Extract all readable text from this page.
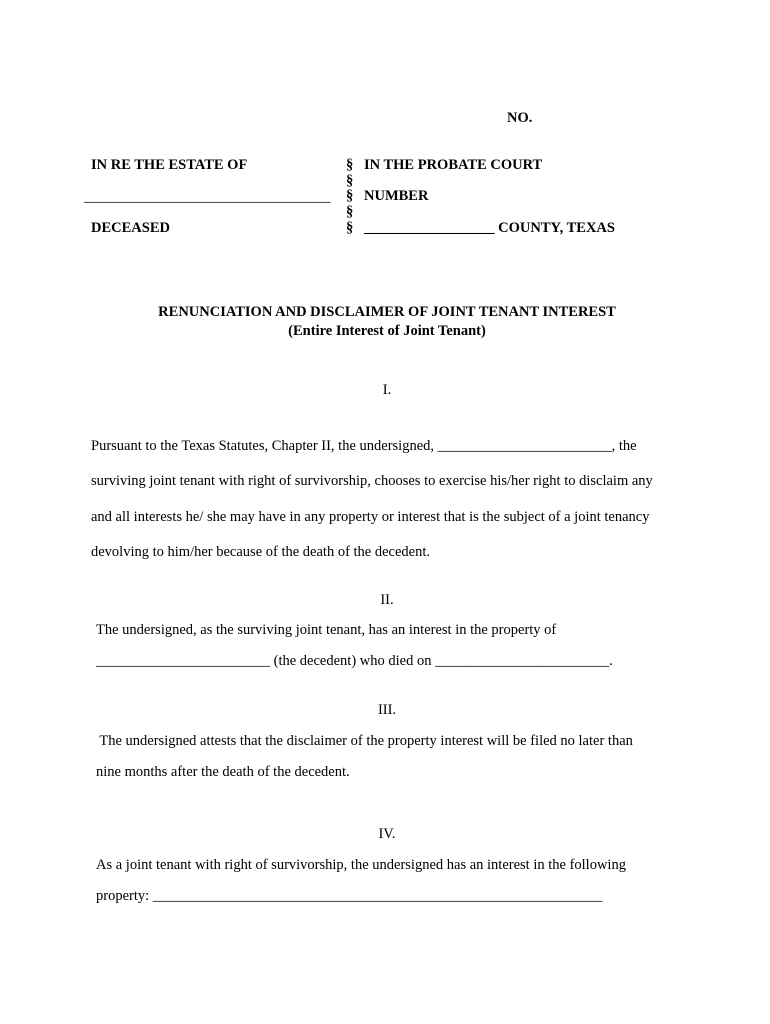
NO.
IN RE THE ESTATE OF
__________________________________
DECEASED
§
§
§
§
§
IN THE PROBATE COURT
NUMBER
__________________ COUNTY, TEXAS
RENUNCIATION AND DISCLAIMER OF JOINT TENANT INTEREST
(Entire Interest of Joint Tenant)
I.
Pursuant to the Texas Statutes, Chapter II, the undersigned, ________________________, the
surviving joint tenant with right of survivorship, chooses to exercise his/her right to disclaim any
and all interests he/ she may have in any property or interest that is the subject of a joint tenancy
devolving to him/her because of the death of the decedent.
II.
The undersigned, as the surviving joint tenant, has an interest in the property of
________________________ (the decedent) who died on ________________________.
III.
The undersigned attests that the disclaimer of the property interest will be filed no later than
nine months after the death of the decedent.
IV.
As a joint tenant with right of survivorship, the undersigned has an interest in the following
property: ______________________________________________________________
